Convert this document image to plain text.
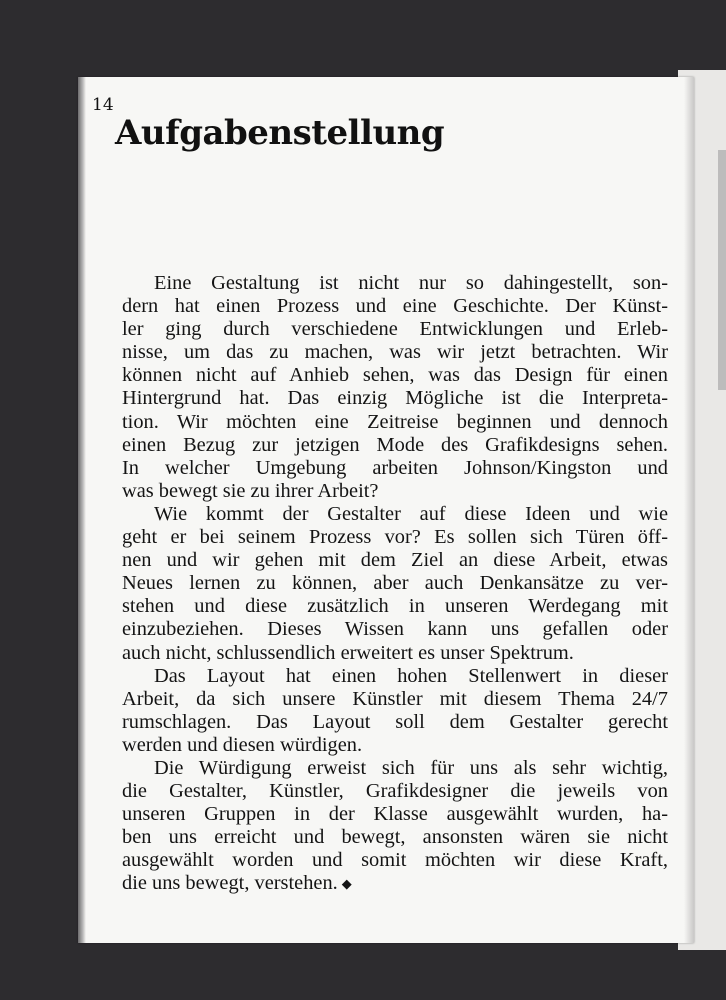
14
Aufgabenstellung

Eine Gestaltung ist nicht nur so dahingestellt, son-
dern hat einen Prozess und eine Geschichte. Der Künst-
ler ging durch verschiedene Entwicklungen und Erleb-
nisse, um das zu machen, was wir jetzt betrachten. Wir
können nicht auf Anhieb sehen, was das Design für einen
Hintergrund hat. Das einzig Mögliche ist die Interpreta-
tion. Wir möchten eine Zeitreise beginnen und dennoch
einen Bezug zur jetzigen Mode des Grafikdesigns sehen.
In welcher Umgebung arbeiten Johnson/Kingston und
was bewegt sie zu ihrer Arbeit?

Wie kommt der Gestalter auf diese Ideen und wie
geht er bei seinem Prozess vor? Es sollen sich Türen öff-
nen und wir gehen mit dem Ziel an diese Arbeit, etwas
Neues lernen zu können, aber auch Denkansätze zu ver-
stehen und diese zusätzlich in unseren Werdegang mit
einzubeziehen. Dieses Wissen kann uns gefallen oder
auch nicht, schlussendlich erweitert es unser Spektrum.

Das Layout hat einen hohen Stellenwert in dieser
Arbeit, da sich unsere Künstler mit diesem Thema 24/7
rumschlagen. Das Layout soll dem Gestalter gerecht
werden und diesen würdigen.

Die Würdigung erweist sich für uns als sehr wichtig,
die Gestalter, Künstler, Grafikdesigner die jeweils von
unseren Gruppen in der Klasse ausgewählt wurden, ha-
ben uns erreicht und bewegt, ansonsten wären sie nicht
ausgewählt worden und somit möchten wir diese Kraft,
die uns bewegt, verstehen. ◆
